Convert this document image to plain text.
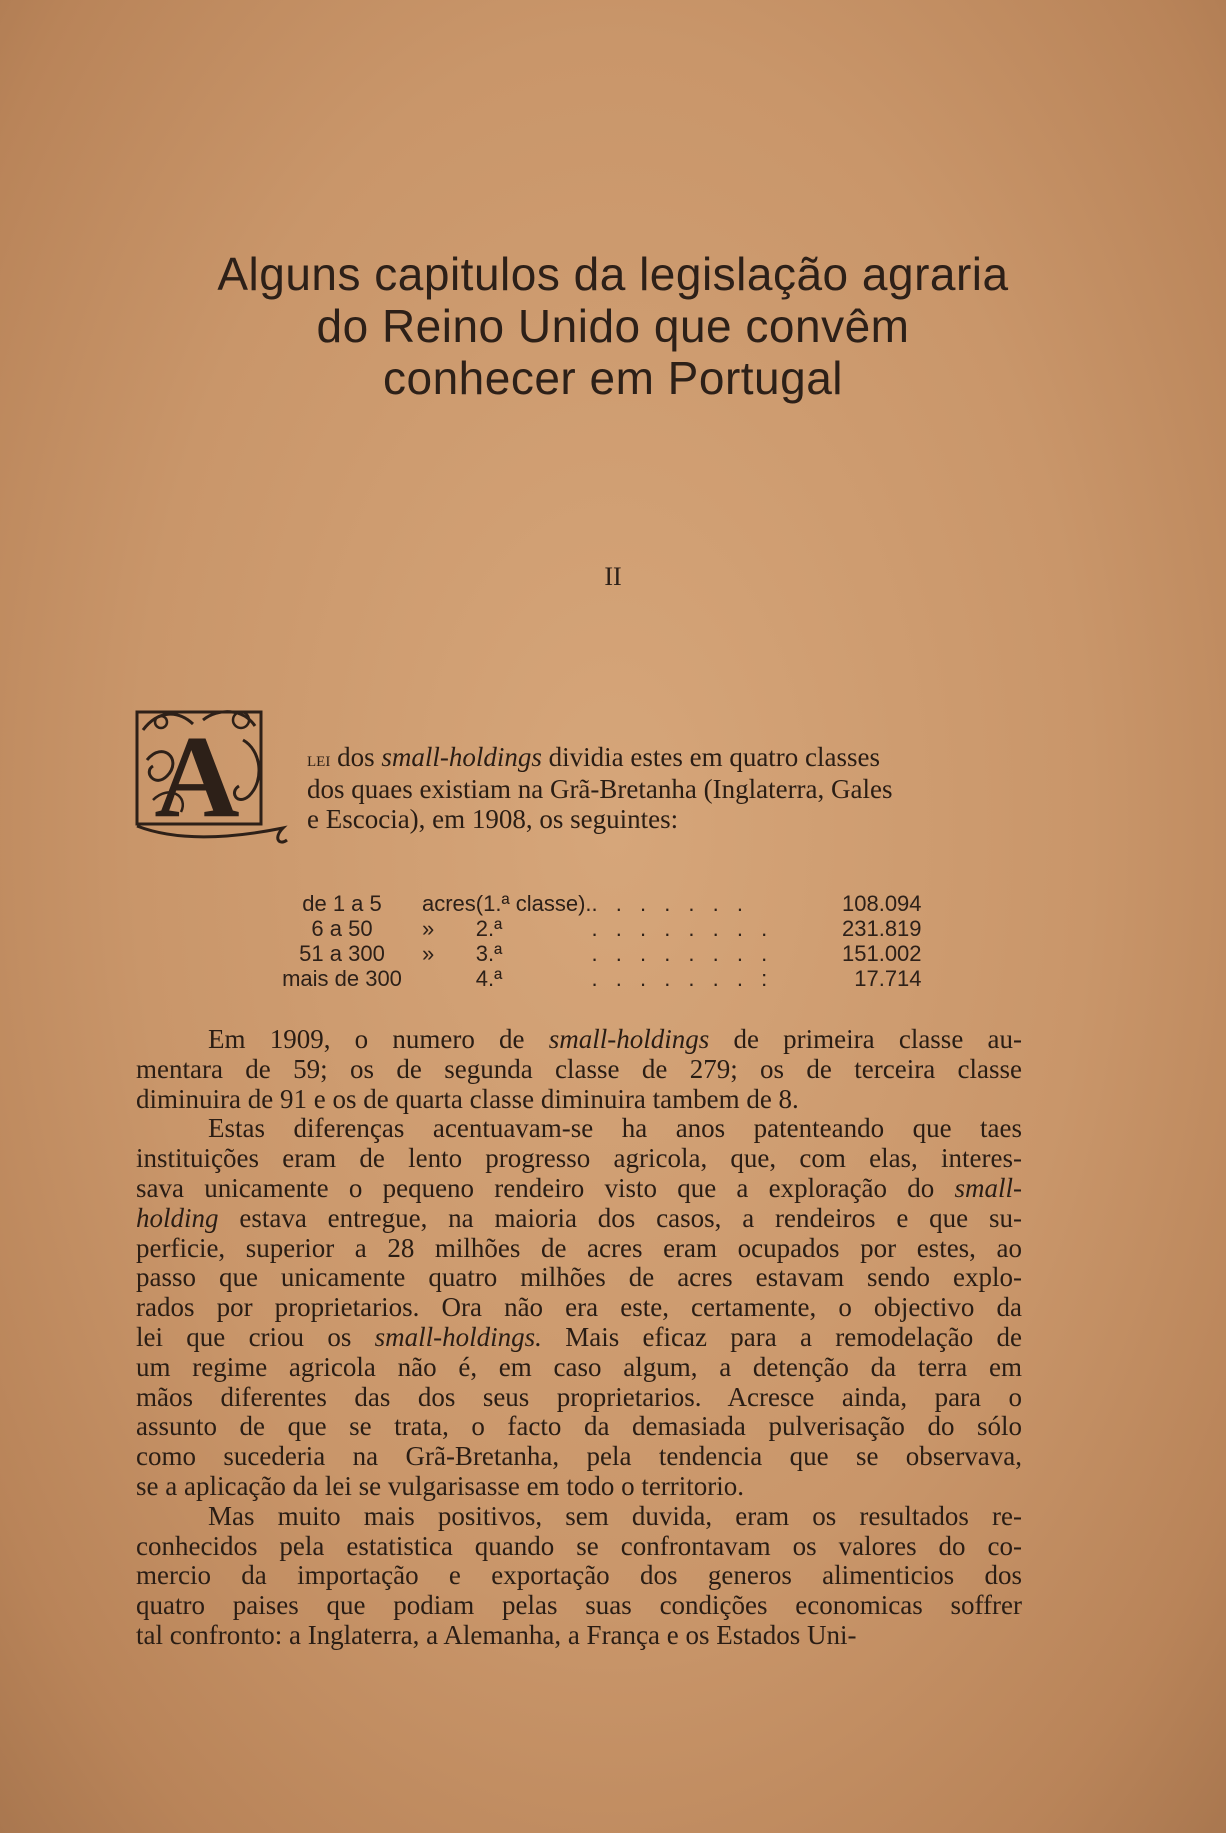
Alguns capitulos da legislação agraria
do Reino Unido que convêm
conhecer em Portugal
II
A	lei dos small-holdings dividia estes em quatro classes
dos quaes existiam na Grã-Bretanha (Inglaterra, Gales
e Escocia), em 1908, os seguintes:
de 1 a 5	acres	(1.ª classe).	. . . . . . .	108.094
6 a 50	»	2.ª	. . . . . . . .	231.819
51 a 300	»	3.ª	. . . . . . . .	151.002
mais de 300		4.ª	. . . . . . . :	17.714
Em 1909, o numero de small-holdings de primeira classe au-
mentara de 59; os de segunda classe de 279; os de terceira classe
diminuira de 91 e os de quarta classe diminuira tambem de 8.
Estas diferenças acentuavam-se ha anos patenteando que taes
instituições eram de lento progresso agricola, que, com elas, interes-
sava unicamente o pequeno rendeiro visto que a exploração do small-
holding estava entregue, na maioria dos casos, a rendeiros e que su-
perficie, superior a 28 milhões de acres eram ocupados por estes, ao
passo que unicamente quatro milhões de acres estavam sendo explo-
rados por proprietarios. Ora não era este, certamente, o objectivo da
lei que criou os small-holdings. Mais eficaz para a remodelação de
um regime agricola não é, em caso algum, a detenção da terra em
mãos diferentes das dos seus proprietarios. Acresce ainda, para o
assunto de que se trata, o facto da demasiada pulverisação do sólo
como sucederia na Grã-Bretanha, pela tendencia que se observava,
se a aplicação da lei se vulgarisasse em todo o territorio.
Mas muito mais positivos, sem duvida, eram os resultados re-
conhecidos pela estatistica quando se confrontavam os valores do co-
mercio da importação e exportação dos generos alimenticios dos
quatro paises que podiam pelas suas condições economicas soffrer
tal confronto: a Inglaterra, a Alemanha, a França e os Estados Uni-
